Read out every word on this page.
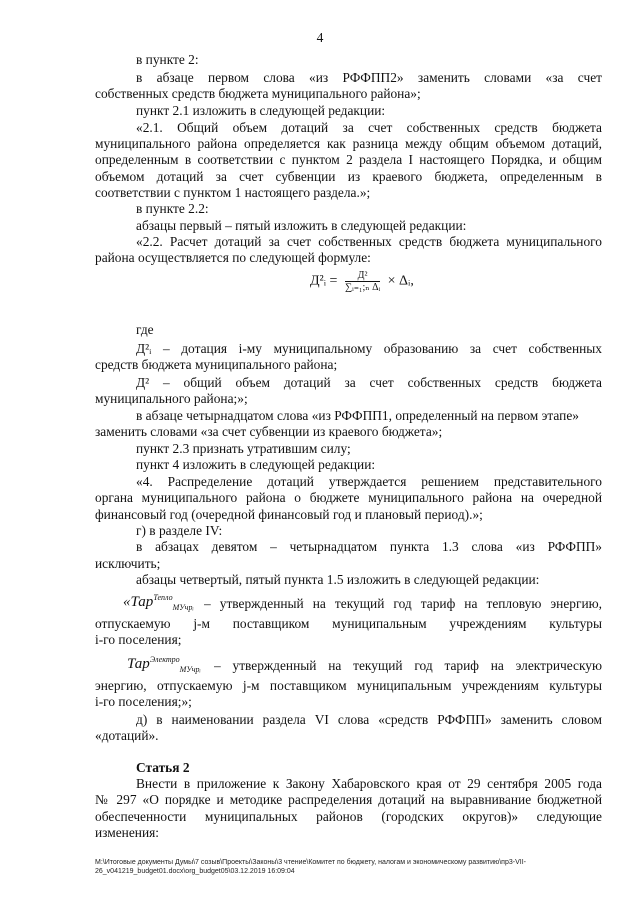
4
в пункте 2:
в абзаце первом слова «из РФФПП2» заменить словами «за счет
собственных средств бюджета муниципального района»;
пункт 2.1 изложить в следующей редакции:
«2.1. Общий объем дотаций за счет собственных средств бюджета
муниципального района определяется как разница между общим объемом дотаций,
определенным в соответствии с пунктом 2 раздела I настоящего Порядка, и общим
объемом дотаций за счет субвенции из краевого бюджета, определенным в
соответствии с пунктом 1 настоящего раздела.»;
в пункте 2.2:
абзацы первый – пятый изложить в следующей редакции:
«2.2. Расчет дотаций за счет собственных средств бюджета муниципального
района осуществляется по следующей формуле:
Д²ᵢ = $\frac{\text{Д²}}{\text{∑ᵢ₌₁;ₙ Δᵢ}}$ × Δᵢ,
где
Д²ᵢ – дотация i-му муниципальному образованию за счет собственных
средств бюджета муниципального района;
Д² – общий объем дотаций за счет собственных средств бюджета
муниципального района;»;
в абзаце четырнадцатом слова «из РФФПП1, определенный на первом этапе»
заменить словами «за счет субвенции из краевого бюджета»;
пункт 2.3 признать утратившим силу;
пункт 4 изложить в следующей редакции:
«4. Распределение дотаций утверждается решением представительного
органа муниципального района о бюджете муниципального района на очередной
финансовый год (очередной финансовый год и плановый период).»;
г) в разделе IV:
в абзацах девятом – четырнадцатом пункта 1.3 слова «из РФФПП»
исключить;
абзацы четвертый, пятый пункта 1.5 изложить в следующей редакции:
«Тар$^{Тепло}_{МУчрᵢ}$ – утвержденный на текущий год тариф на тепловую энергию,
отпускаемую j-м поставщиком муниципальным учреждениям культуры
i-го поселения;
Тар$^{Электро}_{МУчрᵢ}$ – утвержденный на текущий год тариф на электрическую
энергию, отпускаемую j-м поставщиком муниципальным учреждениям культуры
i-го поселения;»;
д) в наименовании раздела VI слова «средств РФФПП» заменить словом
«дотаций».
Статья 2
Внести в приложение к Закону Хабаровского края от 29 сентября 2005 года
№ 297 «О порядке и методике распределения дотаций на выравнивание бюджетной
обеспеченности муниципальных районов (городских округов)» следующие
изменения:
M:\Итоговые документы Думы\7 созыв\Проекты\Законы\3 чтение\Комитет по бюджету, налогам и экономическому развитию\пр3-VII-26_v041219_budget01.docx\org_budget05\03.12.2019 16:09:04
